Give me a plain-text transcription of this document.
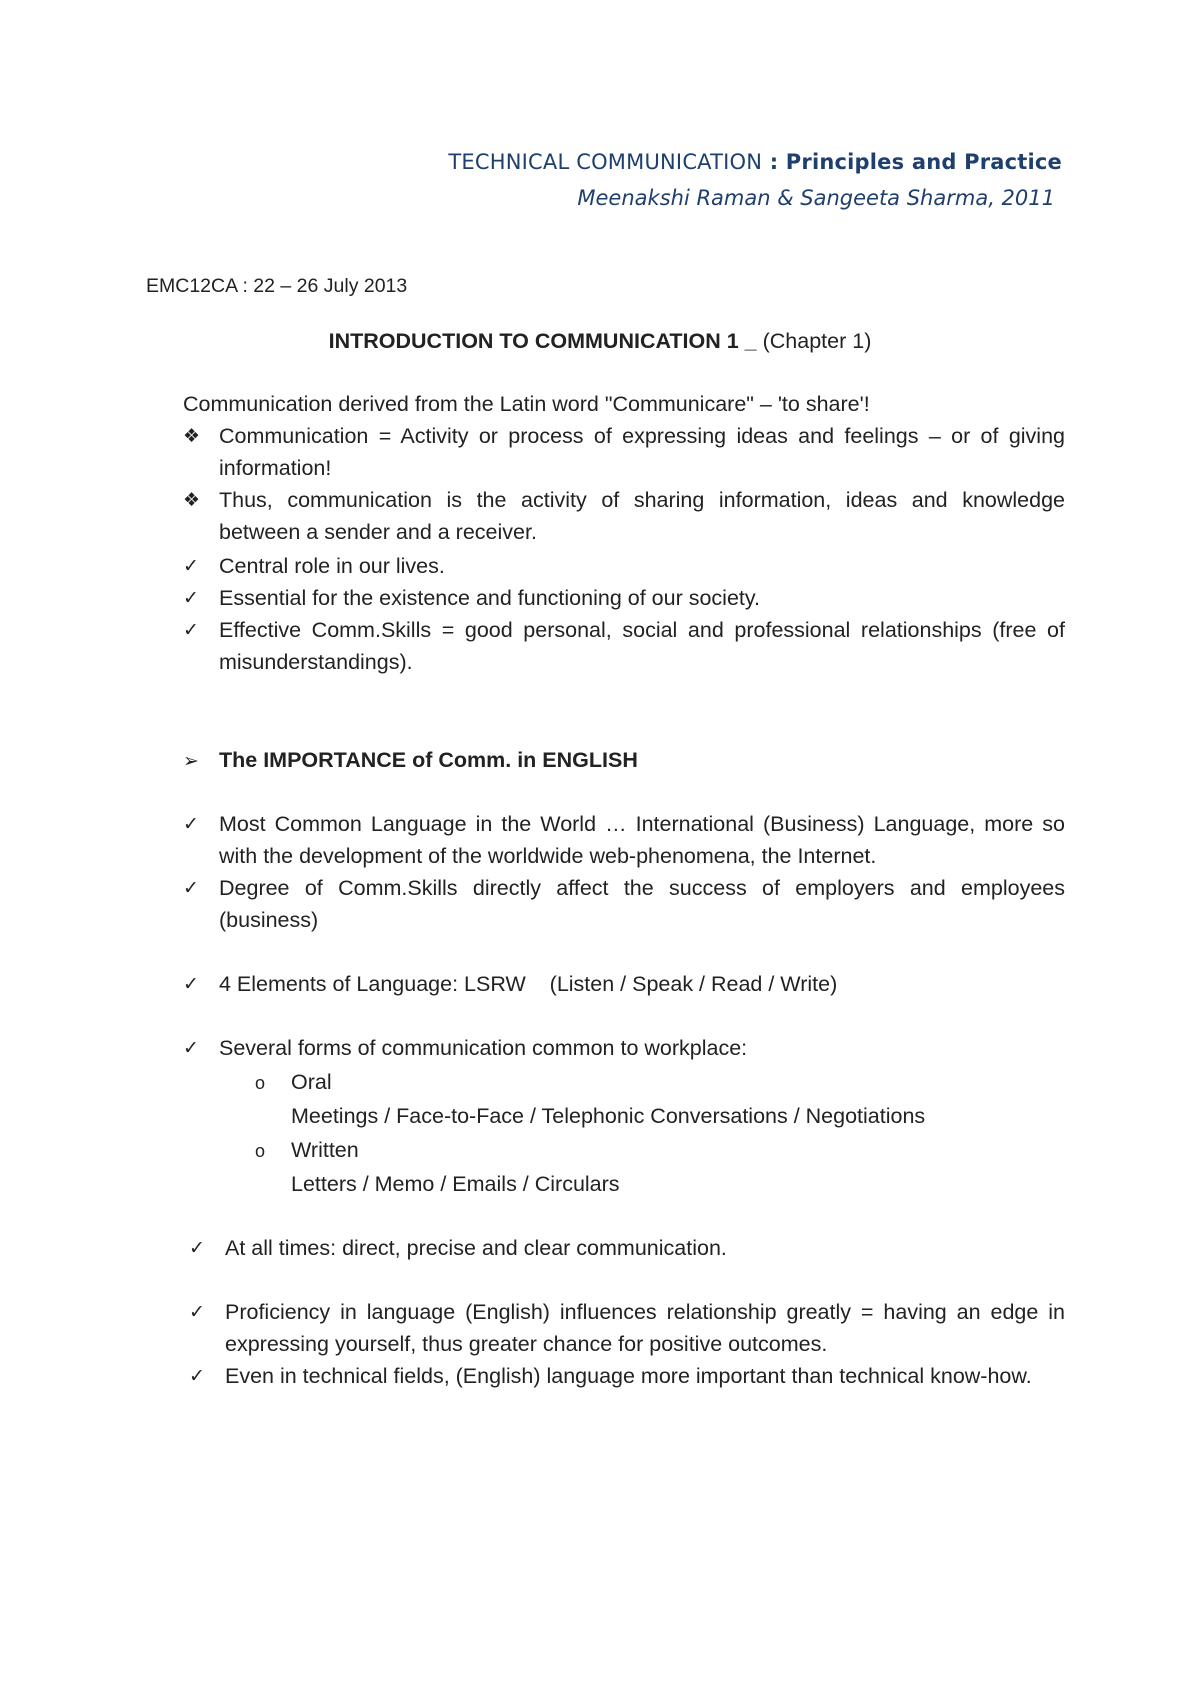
TECHNICAL COMMUNICATION : Principles and Practice
Meenakshi Raman & Sangeeta Sharma, 2011
EMC12CA : 22 – 26 July 2013
INTRODUCTION TO COMMUNICATION 1 _ (Chapter 1)
Communication derived from the Latin word "Communicare" – 'to share'!
❖ Communication = Activity or process of expressing ideas and feelings – or of giving information!
❖ Thus, communication is the activity of sharing information, ideas and knowledge between a sender and a receiver.
✓ Central role in our lives.
✓ Essential for the existence and functioning of our society.
✓ Effective Comm.Skills = good personal, social and professional relationships (free of misunderstandings).
➢ The IMPORTANCE of Comm. in ENGLISH
✓ Most Common Language in the World … International (Business) Language, more so with the development of the worldwide web-phenomena, the Internet.
✓ Degree of Comm.Skills directly affect the success of employers and employees (business)
✓ 4 Elements of Language: LSRW    (Listen / Speak / Read / Write)
✓ Several forms of communication common to workplace:
o Oral
Meetings / Face-to-Face / Telephonic Conversations / Negotiations
o Written
Letters / Memo / Emails / Circulars
✓ At all times: direct, precise and clear communication.
✓ Proficiency in language (English) influences relationship greatly = having an edge in expressing yourself, thus greater chance for positive outcomes.
✓ Even in technical fields, (English) language more important than technical know-how.
